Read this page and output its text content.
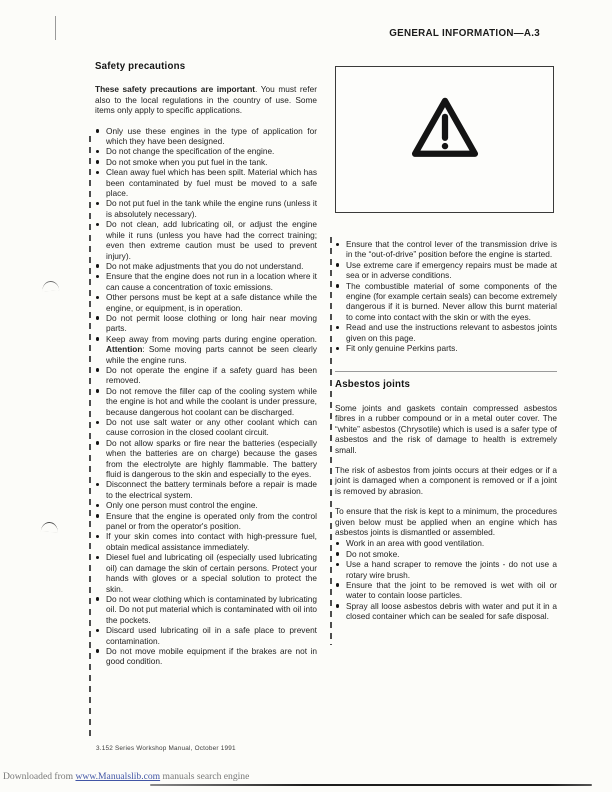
GENERAL INFORMATION—A.3
Safety precautions

These safety precautions are important. You must refer also to the local regulations in the country of use. Some items only apply to specific applications.

Only use these engines in the type of application for which they have been designed.
Do not change the specification of the engine.
Do not smoke when you put fuel in the tank.
Clean away fuel which has been spilt. Material which has been contaminated by fuel must be moved to a safe place.
Do not put fuel in the tank while the engine runs (unless it is absolutely necessary).
Do not clean, add lubricating oil, or adjust the engine while it runs (unless you have had the correct training; even then extreme caution must be used to prevent injury).
Do not make adjustments that you do not understand.
Ensure that the engine does not run in a location where it can cause a concentration of toxic emissions.
Other persons must be kept at a safe distance while the engine, or equipment, is in operation.
Do not permit loose clothing or long hair near moving parts.
Keep away from moving parts during engine operation. Attention: Some moving parts cannot be seen clearly while the engine runs.
Do not operate the engine if a safety guard has been removed.
Do not remove the filler cap of the cooling system while the engine is hot and while the coolant is under pressure, because dangerous hot coolant can be discharged.
Do not use salt water or any other coolant which can cause corrosion in the closed coolant circuit.
Do not allow sparks or fire near the batteries (especially when the batteries are on charge) because the gases from the electrolyte are highly flammable. The battery fluid is dangerous to the skin and especially to the eyes.
Disconnect the battery terminals before a repair is made to the electrical system.
Only one person must control the engine.
Ensure that the engine is operated only from the control panel or from the operator's position.
If your skin comes into contact with high-pressure fuel, obtain medical assistance immediately.
Diesel fuel and lubricating oil (especially used lubricating oil) can damage the skin of certain persons. Protect your hands with gloves or a special solution to protect the skin.
Do not wear clothing which is contaminated by lubricating oil. Do not put material which is contaminated with oil into the pockets.
Discard used lubricating oil in a safe place to prevent contamination.
Do not move mobile equipment if the brakes are not in good condition.
Ensure that the control lever of the transmission drive is in the “out-of-drive” position before the engine is started.
Use extreme care if emergency repairs must be made at sea or in adverse conditions.
The combustible material of some components of the engine (for example certain seals) can become extremely dangerous if it is burned. Never allow this burnt material to come into contact with the skin or with the eyes.
Read and use the instructions relevant to asbestos joints given on this page.
Fit only genuine Perkins parts.
Asbestos joints

Some joints and gaskets contain compressed asbestos fibres in a rubber compound or in a metal outer cover. The “white” asbestos (Chrysotile) which is used is a safer type of asbestos and the risk of damage to health is extremely small.

The risk of asbestos from joints occurs at their edges or if a joint is damaged when a component is removed or if a joint is removed by abrasion.

To ensure that the risk is kept to a minimum, the procedures given below must be applied when an engine which has asbestos joints is dismantled or assembled.

Work in an area with good ventilation.
Do not smoke.
Use a hand scraper to remove the joints - do not use a rotary wire brush.
Ensure that the joint to be removed is wet with oil or water to contain loose particles.
Spray all loose asbestos debris with water and put it in a closed container which can be sealed for safe disposal.
3.152 Series Workshop Manual, October 1991
Downloaded from www.Manualslib.com manuals search engine
